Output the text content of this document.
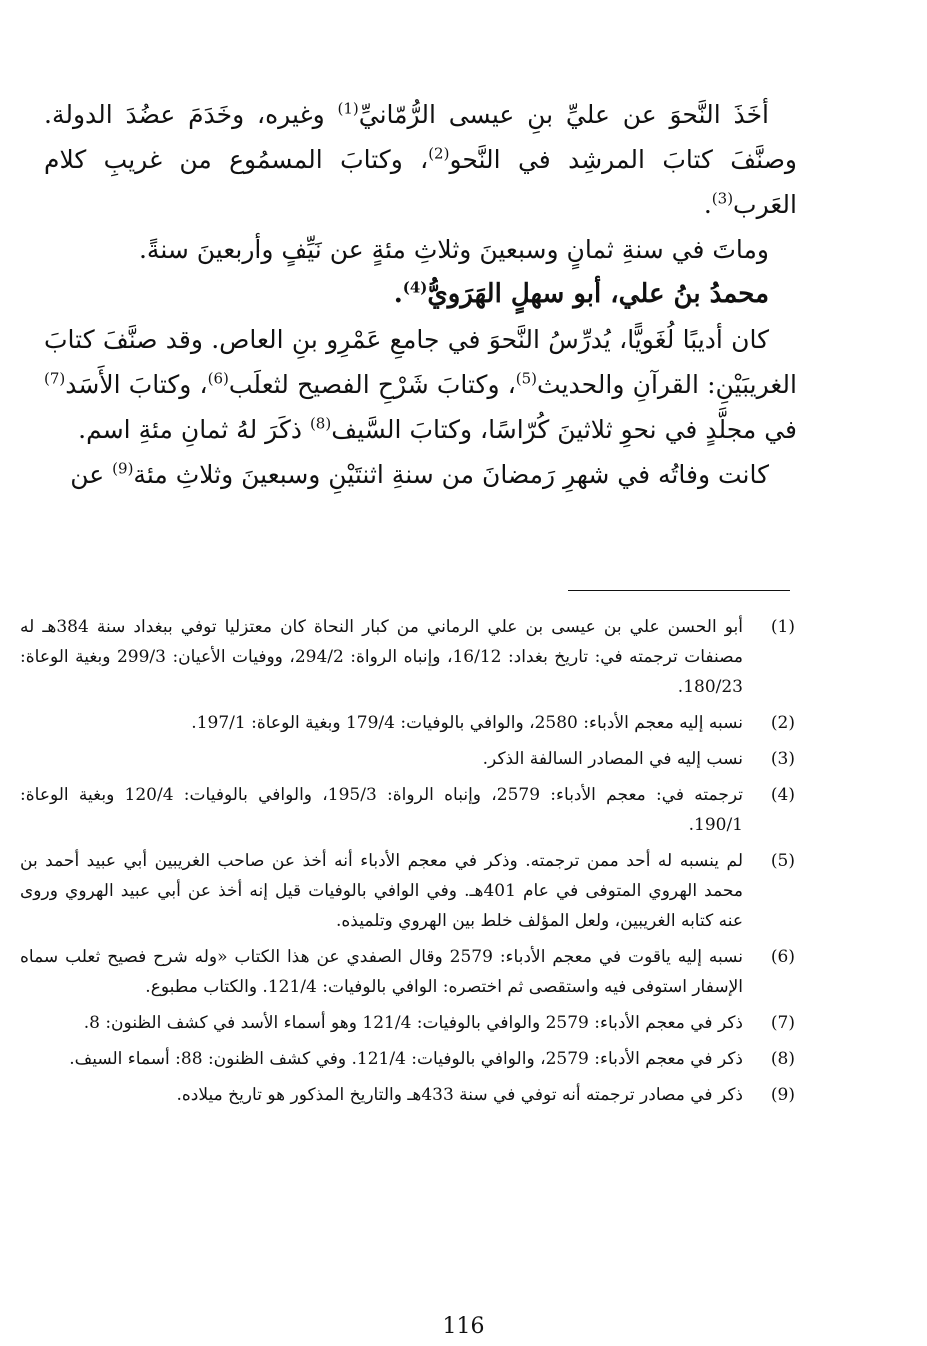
أخَذَ النَّحوَ عن عليِّ بنِ عيسى الرُّمّانيِّ$^{(1)}$ وغيره، وخَدَمَ عضُدَ الدولة. وصنَّفَ كتابَ المرشِد في النَّحو$^{(2)}$، وكتابَ المسمُوع من غريبِ كلام العَرب$^{(3)}$.

وماتَ في سنةِ ثمانٍ وسبعينَ وثلاثِ مئةٍ عن نَيِّفٍ وأربعينَ سنةً.

محمدُ بنُ علي، أبو سهلٍ الهَرَويُّ$^{(4)}$.

كان أديبًا لُغَويًّا، يُدرِّسُ النَّحوَ في جامعِ عَمْرِو بنِ العاص. وقد صنَّفَ كتابَ الغريبَيْنِ: القرآنِ والحديث$^{(5)}$، وكتابَ شَرْحِ الفصيح لثعلَب$^{(6)}$، وكتابَ الأَسَد$^{(7)}$ في مجلَّدٍ في نحوِ ثلاثينَ كُرّاسًا، وكتابَ السَّيف$^{(8)}$ ذكَرَ لهُ ثمانِ مئةِ اسم.

كانت وفاتُه في شهرِ رَمضانَ من سنةِ اثنتَيْنِ وسبعينَ وثلاثِ مئة$^{(9)}$ عن

(1)
أبو الحسن علي بن عيسى بن علي الرماني من كبار النحاة كان معتزليا توفي ببغداد سنة 384هـ له مصنفات ترجمته في: تاريخ بغداد: 16/12، وإنباه الرواة: 294/2، ووفيات الأعيان: 299/3 وبغية الوعاة: 180/23.
(2)
نسبه إليه معجم الأدباء: 2580، والوافي بالوفيات: 179/4 وبغية الوعاة: 197/1.
(3)
نسب إليه في المصادر السالفة الذكر.
(4)
ترجمته في: معجم الأدباء: 2579، وإنباه الرواة: 195/3، والوافي بالوفيات: 120/4 وبغية الوعاة: 190/1.
(5)
لم ينسبه له أحد ممن ترجمته. وذكر في معجم الأدباء أنه أخذ عن صاحب الغريبين أبي عبيد أحمد بن محمد الهروي المتوفى في عام 401هـ. وفي الوافي بالوفيات قيل إنه أخذ عن أبي عبيد الهروي وروى عنه كتابه الغريبين، ولعل المؤلف خلط بين الهروي وتلميذه.
(6)
نسبه إليه ياقوت في معجم الأدباء: 2579 وقال الصفدي عن هذا الكتاب «وله شرح فصيح ثعلب سماه الإسفار استوفى فيه واستقصى ثم اختصره: الوافي بالوفيات: 121/4. والكتاب مطبوع.
(7)
ذكر في معجم الأدباء: 2579 والوافي بالوفيات: 121/4 وهو أسماء الأسد في كشف الظنون: 8.
(8)
ذكر في معجم الأدباء: 2579، والوافي بالوفيات: 121/4. وفي كشف الظنون: 88: أسماء السيف.
(9)
ذكر في مصادر ترجمته أنه توفي في سنة 433هـ والتاريخ المذكور هو تاريخ ميلاده.
116
